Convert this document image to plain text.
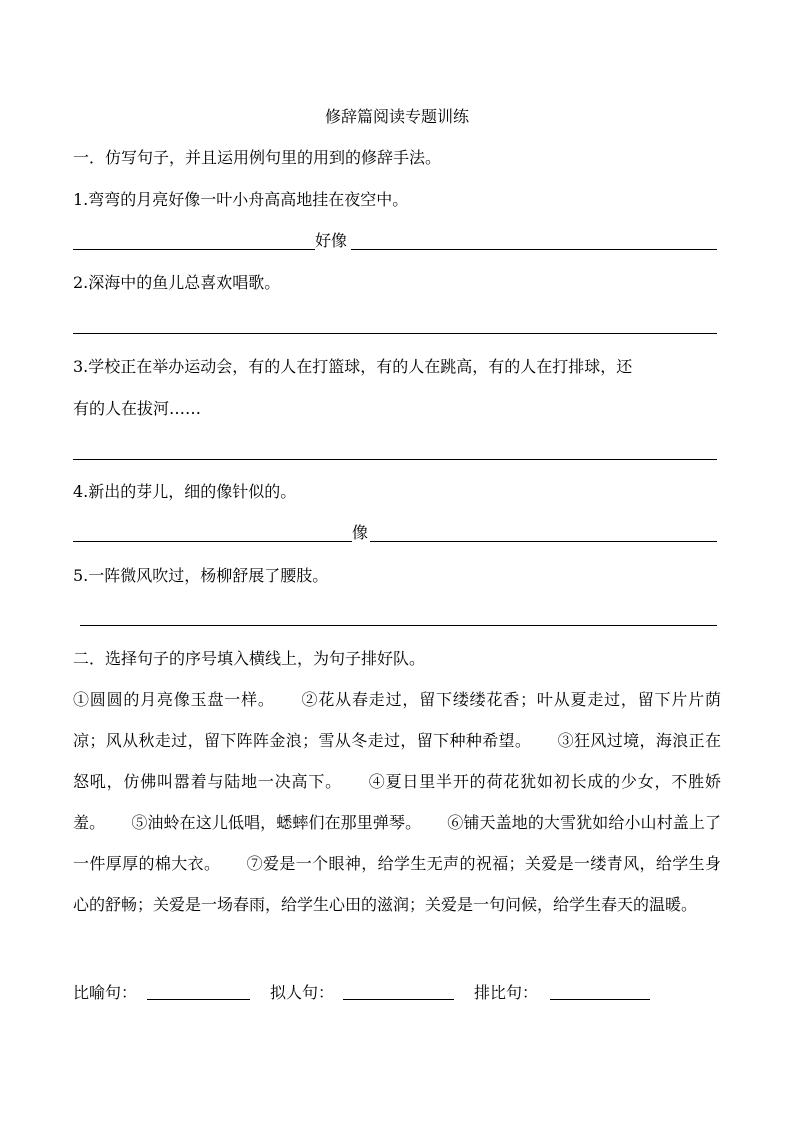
修辞篇阅读专题训练
一．仿写句子，并且运用例句里的用到的修辞手法。
1.弯弯的月亮好像一叶小舟高高地挂在夜空中。
好像
2.深海中的鱼儿总喜欢唱歌。
3.学校正在举办运动会，有的人在打篮球，有的人在跳高，有的人在打排球，还
有的人在拔河……
4.新出的芽儿，细的像针似的。
像
5.一阵微风吹过，杨柳舒展了腰肢。
二．选择句子的序号填入横线上，为句子排好队。
①圆圆的月亮像玉盘一样。 ②花从春走过，留下缕缕花香；叶从夏走过，留下片片荫凉；风从秋走过，留下阵阵金浪；雪从冬走过，留下种种希望。 ③狂风过境，海浪正在怒吼，仿佛叫嚣着与陆地一决高下。 ④夏日里半开的荷花犹如初长成的少女，不胜娇羞。 ⑤油蛉在这儿低唱，蟋蟀们在那里弹琴。 ⑥铺天盖地的大雪犹如给小山村盖上了一件厚厚的棉大衣。 ⑦爱是一个眼神，给学生无声的祝福；关爱是一缕青风，给学生身心的舒畅；关爱是一场春雨，给学生心田的滋润；关爱是一句问候，给学生春天的温暖。
比喻句：	拟人句：	排比句：
